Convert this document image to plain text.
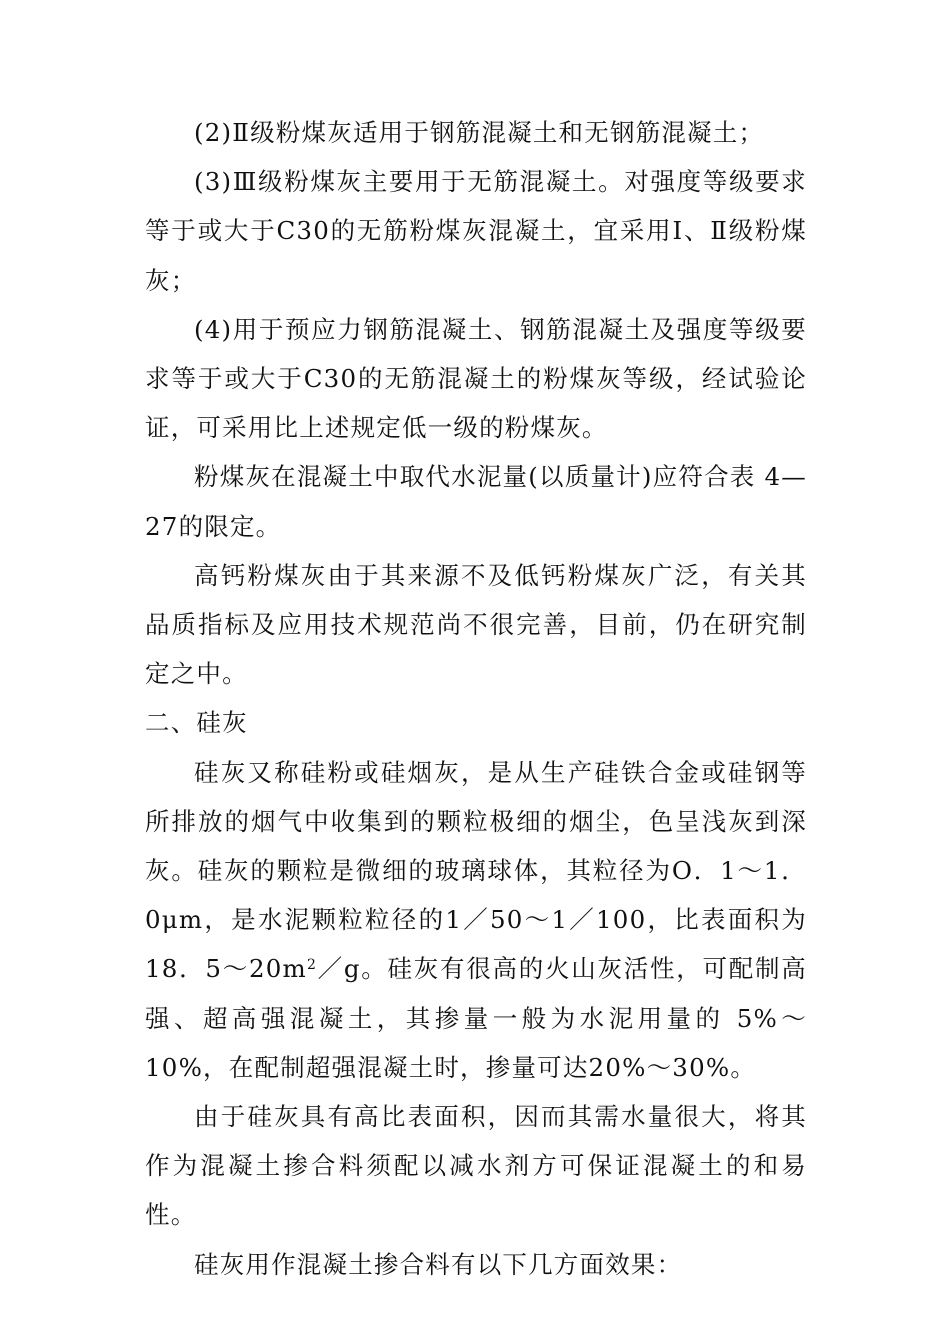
(2)Ⅱ级粉煤灰适用于钢筋混凝土和无钢筋混凝土；

(3)Ⅲ级粉煤灰主要用于无筋混凝土。对强度等级要求等于或大于C30的无筋粉煤灰混凝土，宜采用Ⅰ、Ⅱ级粉煤灰；

(4)用于预应力钢筋混凝土、钢筋混凝土及强度等级要求等于或大于C30的无筋混凝土的粉煤灰等级，经试验论证，可采用比上述规定低一级的粉煤灰。

粉煤灰在混凝土中取代水泥量(以质量计)应符合表 4—27的限定。

高钙粉煤灰由于其来源不及低钙粉煤灰广泛，有关其品质指标及应用技术规范尚不很完善，目前，仍在研究制定之中。

二、硅灰

硅灰又称硅粉或硅烟灰，是从生产硅铁合金或硅钢等所排放的烟气中收集到的颗粒极细的烟尘，色呈浅灰到深灰。硅灰的颗粒是微细的玻璃球体，其粒径为O．1～1．0μm，是水泥颗粒粒径的1／50～1／100，比表面积为18．$5\sim 20m^2/g$。硅灰有很高的火山灰活性，可配制高强、超高强混凝土，其掺量一般为水泥用量的 5%～10%，在配制超强混凝土时，掺量可达20%～30%。

由于硅灰具有高比表面积，因而其需水量很大，将其作为混凝土掺合料须配以减水剂方可保证混凝土的和易性。

硅灰用作混凝土掺合料有以下几方面效果：
